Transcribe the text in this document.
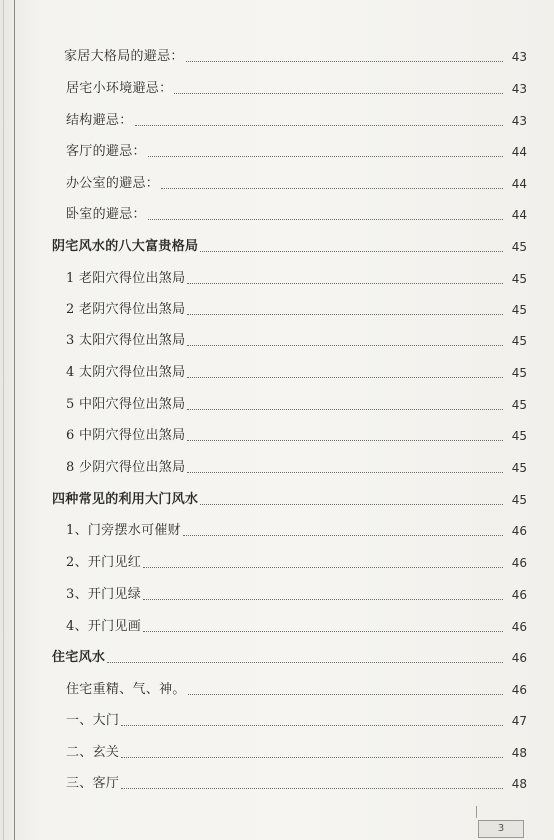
家居大格局的避忌：	43
居宅小环境避忌：	43
结构避忌：	43
客厅的避忌：	44
办公室的避忌：	44
卧室的避忌：	44
阴宅风水的八大富贵格局	45
1 老阳穴得位出煞局	45
2 老阴穴得位出煞局	45
3 太阳穴得位出煞局	45
4 太阴穴得位出煞局	45
5 中阳穴得位出煞局	45
6 中阴穴得位出煞局	45
8 少阴穴得位出煞局	45
四种常见的利用大门风水	45
1、门旁摆水可催财	46
2、开门见红	46
3、开门见绿	46
4、开门见画	46
住宅风水	46
住宅重精、气、神。	46
一、大门	47
二、玄关	48
三、客厅	48
3
